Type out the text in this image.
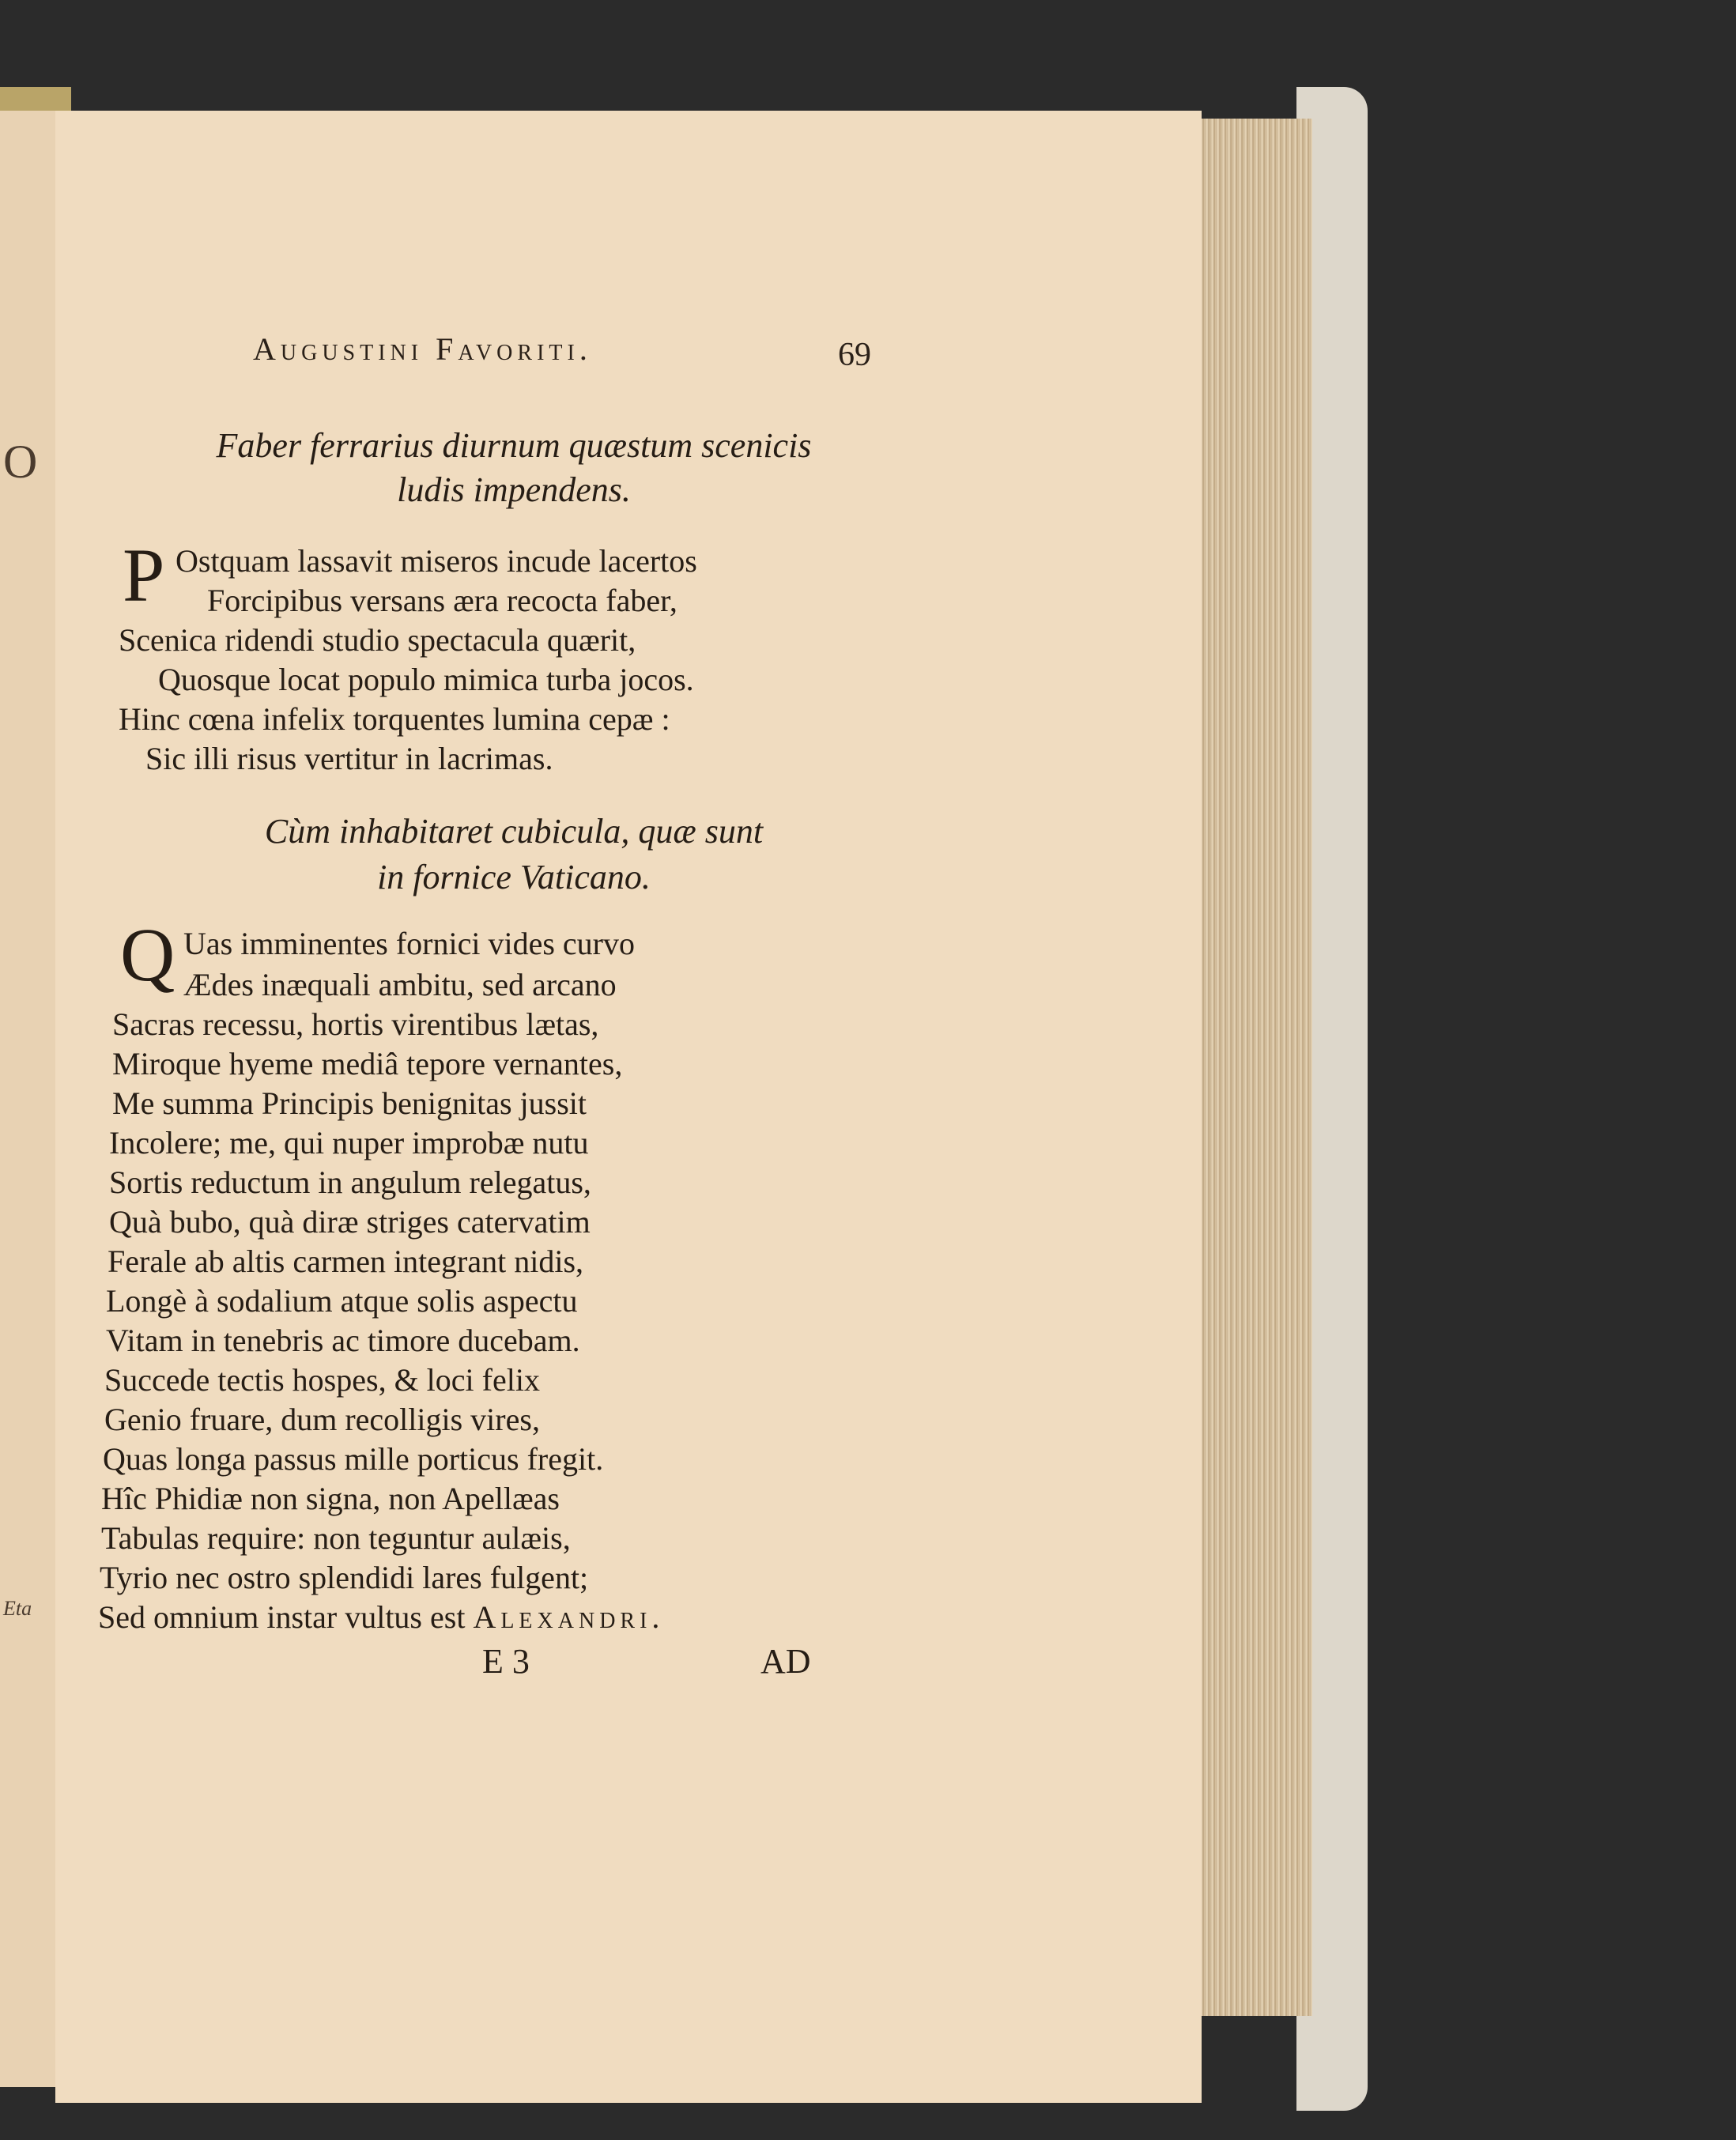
O
Eta
Augustini Favoriti.	69
Faber ferrarius diurnum quæstum scenicis
ludis impendens.
P Ostquam lassavit miseros incude lacertos
Forcipibus versans æra recocta faber,
Scenica ridendi studio spectacula quærit,
Quosque locat populo mimica turba jocos.
Hinc cœna infelix torquentes lumina cepæ :
Sic illi risus vertitur in lacrimas.
Cùm inhabitaret cubicula, quæ sunt
in fornice Vaticano.
Q Uas imminentes fornici vides curvo
Ædes inæquali ambitu, sed arcano
Sacras recessu, hortis virentibus lætas,
Miroque hyeme mediâ tepore vernantes,
Me summa Principis benignitas jussit
Incolere; me, qui nuper improbæ nutu
Sortis reductum in angulum relegatus,
Quà bubo, quà diræ striges catervatim
Ferale ab altis carmen integrant nidis,
Longè à sodalium atque solis aspectu
Vitam in tenebris ac timore ducebam.
Succede tectis hospes, & loci felix
Genio fruare, dum recolligis vires,
Quas longa passus mille porticus fregit.
Hîc Phidiæ non signa, non Apellæas
Tabulas require: non teguntur aulæis,
Tyrio nec ostro splendidi lares fulgent;
Sed omnium instar vultus est Alexandri.
E 3	AD
